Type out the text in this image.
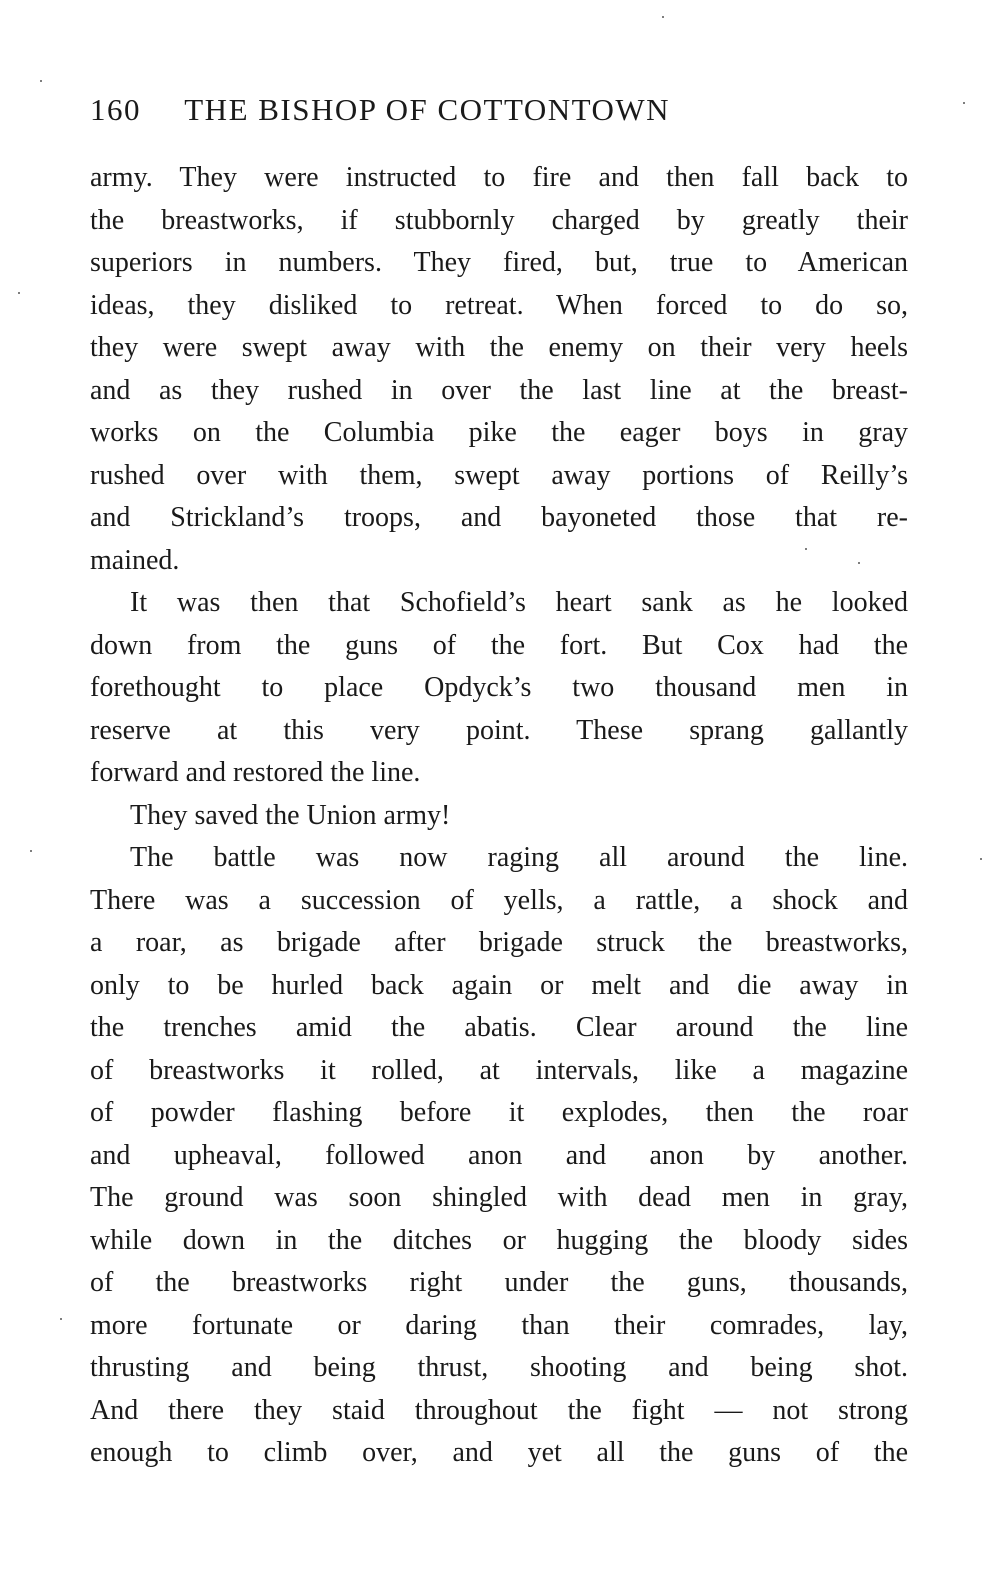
160 THE BISHOP OF COTTONTOWN
army. They were instructed to fire and then fall back to
the breastworks, if stubbornly charged by greatly their
superiors in numbers. They fired, but, true to American
ideas, they disliked to retreat. When forced to do so,
they were swept away with the enemy on their very heels
and as they rushed in over the last line at the breast-
works on the Columbia pike the eager boys in gray
rushed over with them, swept away portions of Reilly’s
and Strickland’s troops, and bayoneted those that re-
mained.
It was then that Schofield’s heart sank as he looked
down from the guns of the fort. But Cox had the
forethought to place Opdyck’s two thousand men in
reserve at this very point. These sprang gallantly
forward and restored the line.
They saved the Union army!
The battle was now raging all around the line.
There was a succession of yells, a rattle, a shock and
a roar, as brigade after brigade struck the breastworks,
only to be hurled back again or melt and die away in
the trenches amid the abatis. Clear around the line
of breastworks it rolled, at intervals, like a magazine
of powder flashing before it explodes, then the roar
and upheaval, followed anon and anon by another.
The ground was soon shingled with dead men in gray,
while down in the ditches or hugging the bloody sides
of the breastworks right under the guns, thousands,
more fortunate or daring than their comrades, lay,
thrusting and being thrust, shooting and being shot.
And there they staid throughout the fight — not strong
enough to climb over, and yet all the guns of the
